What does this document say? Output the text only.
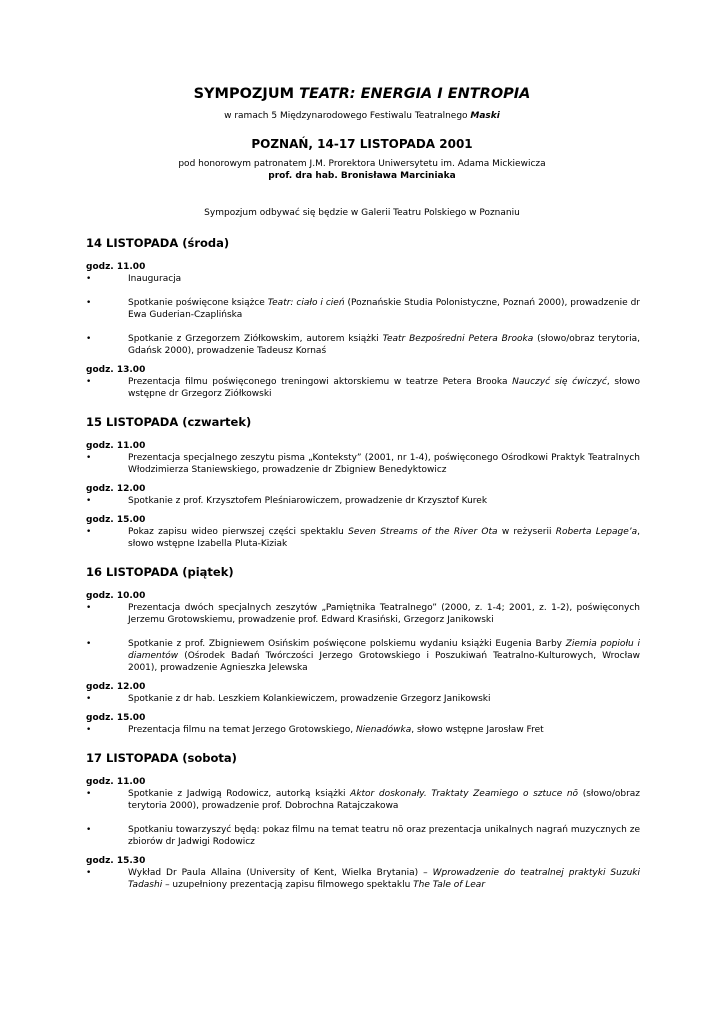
SYMPOZJUM TEATR: ENERGIA I ENTROPIA
w ramach 5 Międzynarodowego Festiwalu Teatralnego Maski
POZNAŃ, 14-17 LISTOPADA 2001
pod honorowym patronatem J.M. Prorektora Uniwersytetu im. Adama Mickiewicza
prof. dra hab. Bronisława Marciniaka
Sympozjum odbywać się będzie w Galerii Teatru Polskiego w Poznaniu
14 LISTOPADA (środa)
godz. 11.00
•	Inauguracja
•	Spotkanie poświęcone książce Teatr: ciało i cień (Poznańskie Studia Polonistyczne, Poznań 2000), prowadzenie dr Ewa Guderian-Czaplińska
•	Spotkanie z Grzegorzem Ziółkowskim, autorem książki Teatr Bezpośredni Petera Brooka (słowo/obraz terytoria, Gdańsk 2000), prowadzenie Tadeusz Kornaś
godz. 13.00
•	Prezentacja filmu poświęconego treningowi aktorskiemu w teatrze Petera Brooka Nauczyć się ćwiczyć, słowo wstępne dr Grzegorz Ziółkowski
15 LISTOPADA (czwartek)
godz. 11.00
•	Prezentacja specjalnego zeszytu pisma „Konteksty” (2001, nr 1-4), poświęconego Ośrodkowi Praktyk Teatralnych Włodzimierza Staniewskiego, prowadzenie dr Zbigniew Benedyktowicz
godz. 12.00
•	Spotkanie z prof. Krzysztofem Pleśniarowiczem, prowadzenie dr Krzysztof Kurek
godz. 15.00
•	Pokaz zapisu wideo pierwszej części spektaklu Seven Streams of the River Ota w reżyserii Roberta Lepage’a, słowo wstępne Izabella Pluta-Kiziak
16 LISTOPADA (piątek)
godz. 10.00
•	Prezentacja dwóch specjalnych zeszytów „Pamiętnika Teatralnego” (2000, z. 1-4; 2001, z. 1-2), poświęconych Jerzemu Grotowskiemu, prowadzenie prof. Edward Krasiński, Grzegorz Janikowski
•	Spotkanie z prof. Zbigniewem Osińskim poświęcone polskiemu wydaniu książki Eugenia Barby Ziemia popiołu i diamentów (Ośrodek Badań Twórczości Jerzego Grotowskiego i Poszukiwań Teatralno-Kulturowych, Wrocław 2001), prowadzenie Agnieszka Jelewska
godz. 12.00
•	Spotkanie z dr hab. Leszkiem Kolankiewiczem, prowadzenie Grzegorz Janikowski
godz. 15.00
•	Prezentacja filmu na temat Jerzego Grotowskiego, Nienadówka, słowo wstępne Jarosław Fret
17 LISTOPADA (sobota)
godz. 11.00
•	Spotkanie z Jadwigą Rodowicz, autorką książki Aktor doskonały. Traktaty Zeamiego o sztuce nō (słowo/obraz terytoria 2000), prowadzenie prof. Dobrochna Ratajczakowa
•	Spotkaniu towarzyszyć będą: pokaz filmu na temat teatru nō oraz prezentacja unikalnych nagrań muzycznych ze zbiorów dr Jadwigi Rodowicz
godz. 15.30
•	Wykład Dr Paula Allaina (University of Kent, Wielka Brytania) – Wprowadzenie do teatralnej praktyki Suzuki Tadashi – uzupełniony prezentacją zapisu filmowego spektaklu The Tale of Lear
